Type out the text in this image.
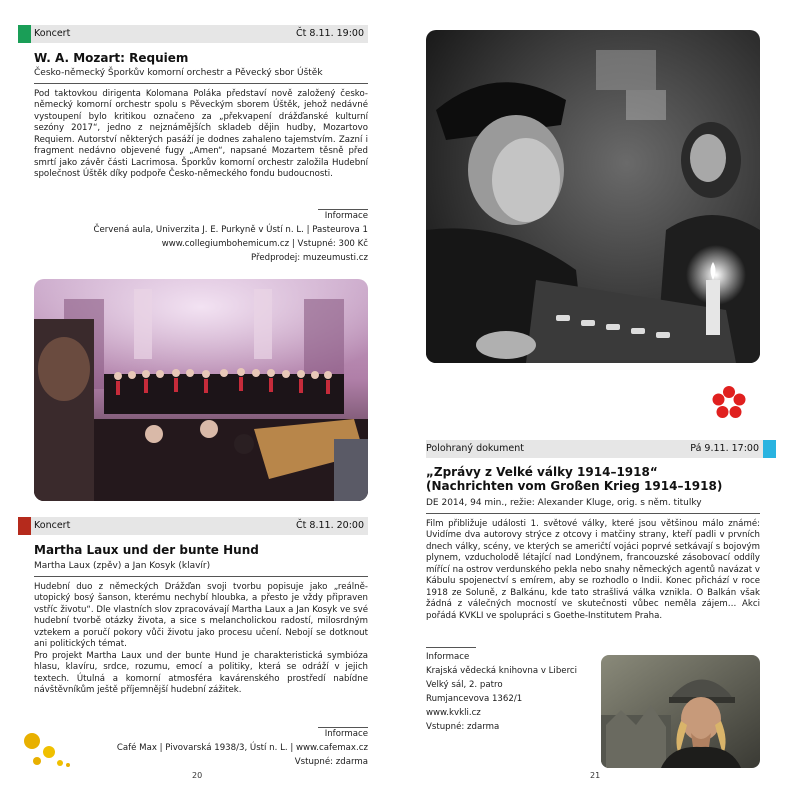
Koncert	Čt 8.11. 19:00
W. A. Mozart: Requiem
Česko-německý Šporkův komorní orchestr a Pěvecký sbor Úštěk
Pod taktovkou dirigenta Kolomana Poláka představí nově založený česko-německý komorní orchestr spolu s Pěveckým sborem Úštěk, jehož nedávné vystoupení bylo kritikou označeno za „překvapení drážďanské kulturní sezóny 2017“, jedno z nejznámějších skladeb dějin hudby, Mozartovo Requiem. Autorství některých pasáží je dodnes zahaleno tajemstvím. Zazní i fragment nedávno objevené fugy „Amen“, napsané Mozartem těsně před smrtí jako závěr části Lacrimosa. Šporkův komorní orchestr založila Hudební společnost Úštěk díky podpoře Česko-německého fondu budoucnosti.
Informace
Červená aula, Univerzita J. E. Purkyně v Ústí n. L. | Pasteurova 1
www.collegiumbohemicum.cz | Vstupné: 300 Kč
Předprodej: muzeumusti.cz
Koncert	Čt 8.11. 20:00
Martha Laux und der bunte Hund
Martha Laux (zpěv) a Jan Kosyk (klavír)

Hudební duo z německých Drážďan svoji tvorbu popisuje jako „reálně-utopický bosý šanson, kterému nechybí hloubka, a přesto je vždy připraven vstříc životu“. Dle vlastních slov zpracovávají Martha Laux a Jan Kosyk ve své hudební tvorbě otázky života, a sice s melancholickou radostí, milosrdným vztekem a poručí pokory vůči životu jako procesu učení. Nebojí se dotknout ani politických témat.

Pro projekt Martha Laux und der bunte Hund je charakteristická symbióza hlasu, klavíru, srdce, rozumu, emocí a politiky, která se odráží v jejich textech. Útulná a komorní atmosféra kavárenského prostředí nabídne návštěvníkům ještě příjemnější hudební zážitek.

Informace
Café Max | Pivovarská 1938/3, Ústí n. L. | www.cafemax.cz
Vstupné: zdarma
20
Polohraný dokument	Pá 9.11. 17:00
„Zprávy z Velké války 1914–1918“
(Nachrichten vom Großen Krieg 1914–1918)
DE 2014, 94 min., režie: Alexander Kluge, orig. s něm. titulky
Film přibližuje události 1. světové války, které jsou většinou málo známé: Uvidíme dva autorovy strýce z otcovy i matčiny strany, kteří padli v prvních dnech války, scény, ve kterých se američtí vojáci poprvé setkávají s bojovým plynem, vzducholodě létající nad Londýnem, francouzské zásobovací oddíly mířící na ostrov verdunského pekla nebo snahy německých agentů navázat v Kábulu spojenectví s emírem, aby se rozhodlo o Indii. Konec přichází v roce 1918 ze Soluně, z Balkánu, kde tato strašlivá válka vznikla. O Balkán však žádná z válečných mocností ve skutečnosti vůbec neměla zájem… Akci pořádá KVKLI ve spolupráci s Goethe-Institutem Praha.
Informace
Krajská vědecká knihovna v Liberci
Velký sál, 2. patro
Rumjancevova 1362/1
www.kvkli.cz
Vstupné: zdarma
21
